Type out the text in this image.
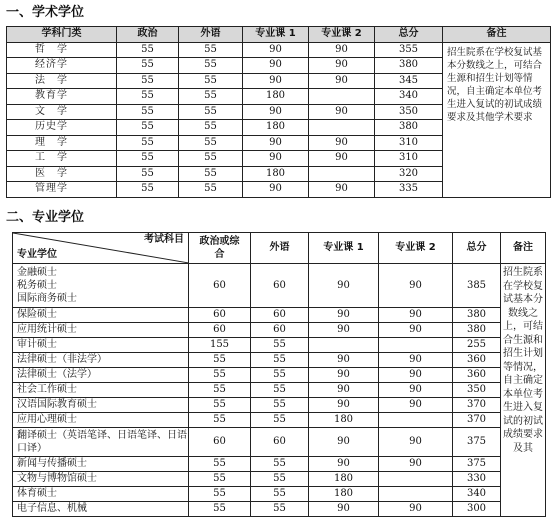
一、学术学位
学科门类	政治	外语	专业课 1	专业课 2	总分	备注
哲　学	55	55	90	90	355	招生院系在学校复试基本分数线之上，可结合生源和招生计划等情况，自主确定本单位考生进入复试的初试成绩要求及其他学术要求
经济学	55	55	90	90	380	
法　学	55	55	90	90	345	
教育学	55	55	180		340	
文　学	55	55	90	90	350	
历史学	55	55	180		380	
理　学	55	55	90	90	310	
工　学	55	55	90	90	310	
医　学	55	55	180		320	
管理学	55	55	90	90	335	
二、专业学位
考试科目
专业学位	政治或综合	外语	专业课 1	专业课 2	总分	备注
金融硕士
税务硕士
国际商务硕士	60	60	90	90	385	招生院系在学校复试基本分数线之上，可结合生源和招生计划等情况，自主确定本单位考生进入复试的初试成绩要求及其
保险硕士	60	60	90	90	380	
应用统计硕士	60	60	90	90	380	
审计硕士	155	55			255	
法律硕士（非法学）	55	55	90	90	360	
法律硕士（法学）	55	55	90	90	360	
社会工作硕士	55	55	90	90	350	
汉语国际教育硕士	55	55	90	90	370	
应用心理硕士	55	55	180		370	
翻译硕士（英语笔译、日语笔译、日语口译）	60	60	90	90	375	
新闻与传播硕士	55	55	90	90	375	
文物与博物馆硕士	55	55	180		330	
体育硕士	55	55	180		340	
电子信息、机械	55	55	90	90	300	
